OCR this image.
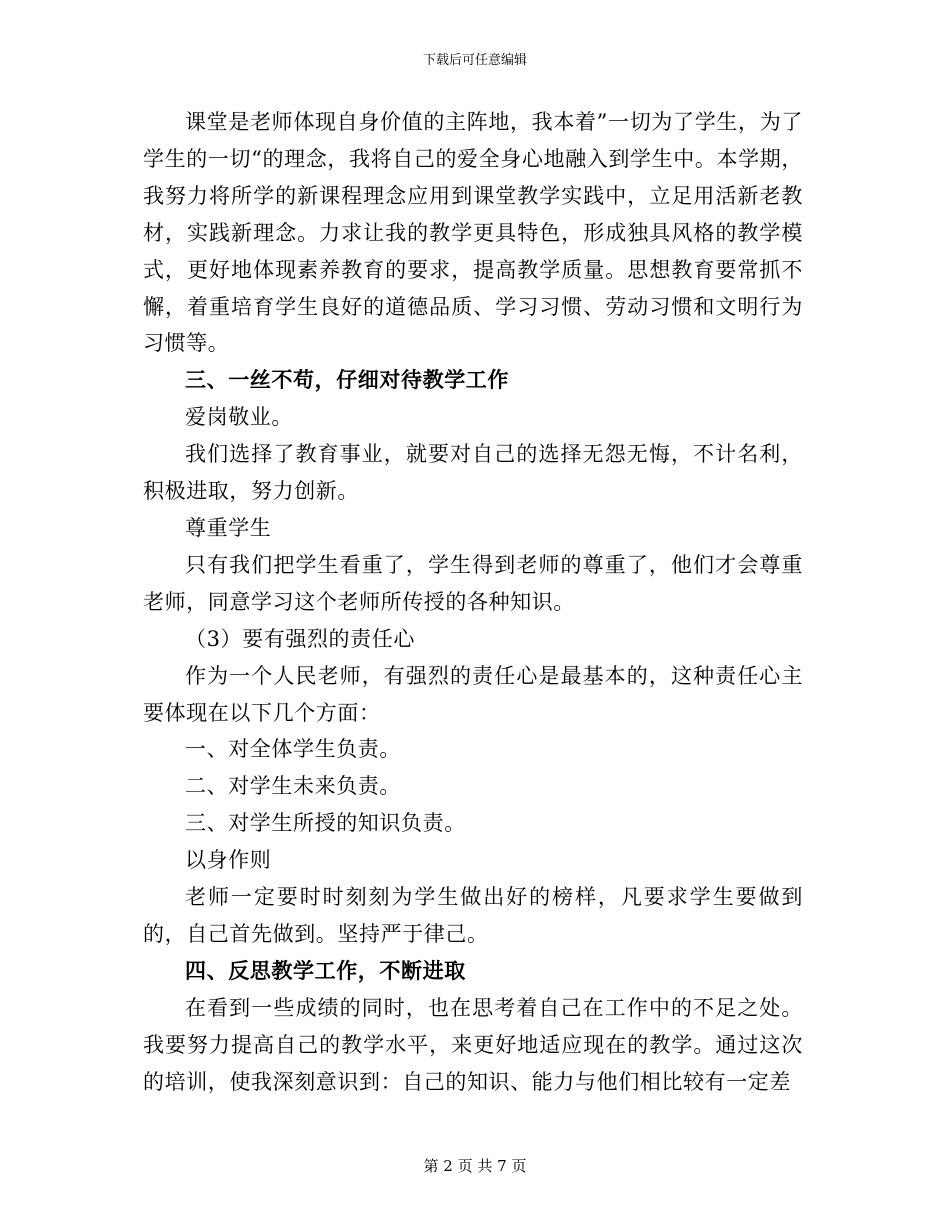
下载后可任意编辑

课堂是老师体现自身价值的主阵地，我本着”一切为了学生，为了学生的一切“的理念，我将自己的爱全身心地融入到学生中。本学期，我努力将所学的新课程理念应用到课堂教学实践中，立足用活新老教材，实践新理念。力求让我的教学更具特色，形成独具风格的教学模式，更好地体现素养教育的要求，提高教学质量。思想教育要常抓不懈，着重培育学生良好的道德品质、学习习惯、劳动习惯和文明行为习惯等。

三、一丝不苟，仔细对待教学工作

爱岗敬业。

我们选择了教育事业，就要对自己的选择无怨无悔，不计名利，积极进取，努力创新。

尊重学生

只有我们把学生看重了，学生得到老师的尊重了，他们才会尊重老师，同意学习这个老师所传授的各种知识。

（3）要有强烈的责任心

作为一个人民老师，有强烈的责任心是最基本的，这种责任心主要体现在以下几个方面：

一、对全体学生负责。

二、对学生未来负责。

三、对学生所授的知识负责。

以身作则

老师一定要时时刻刻为学生做出好的榜样，凡要求学生要做到的，自己首先做到。坚持严于律己。

四、反思教学工作，不断进取

在看到一些成绩的同时，也在思考着自己在工作中的不足之处。我要努力提高自己的教学水平，来更好地适应现在的教学。通过这次的培训，使我深刻意识到：自己的知识、能力与他们相比较有一定差

第 2 页 共 7 页
